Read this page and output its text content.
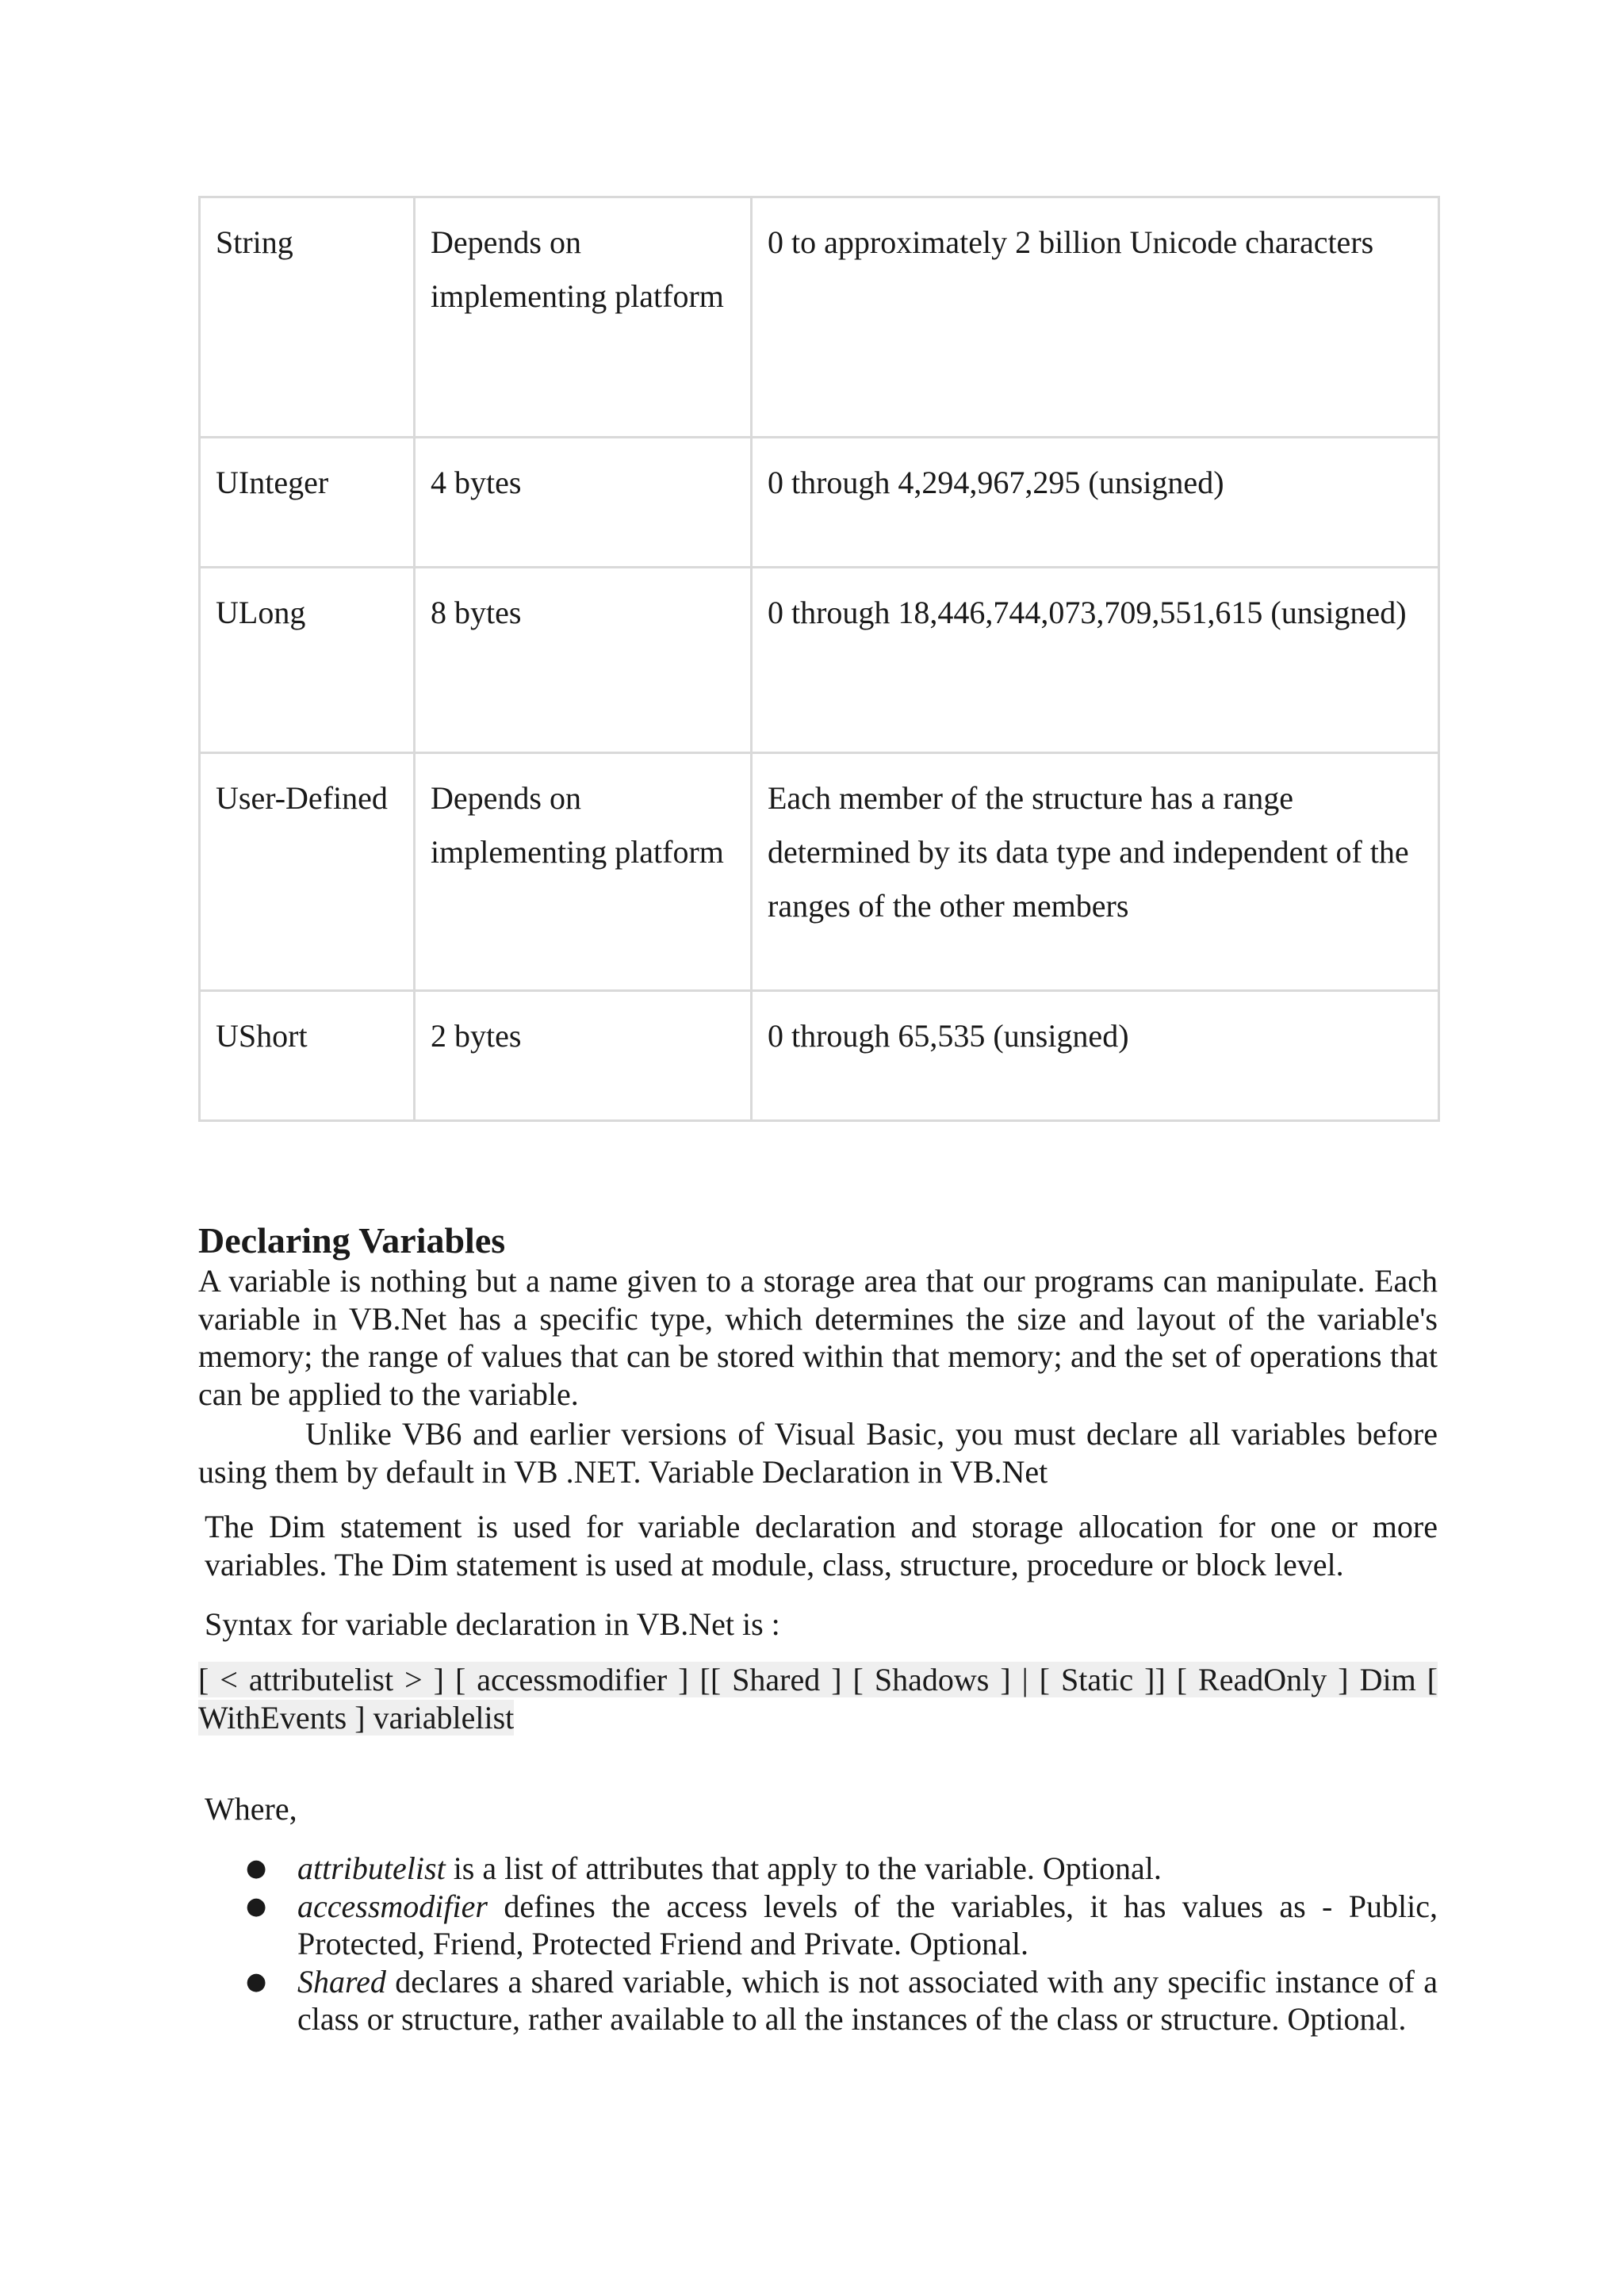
String	Depends on implementing platform	0 to approximately 2 billion Unicode characters
UInteger	4 bytes	0 through 4,294,967,295 (unsigned)
ULong	8 bytes	0 through 18,446,744,073,709,551,615 (unsigned)
User-Defined	Depends on implementing platform	Each member of the structure has a range determined by its data type and independent of the ranges of the other members
UShort	2 bytes	0 through 65,535 (unsigned)
Declaring Variables

A variable is nothing but a name given to a storage area that our programs can manipulate. Each variable in VB.Net has a specific type, which determines the size and layout of the variable's memory; the range of values that can be stored within that memory; and the set of operations that can be applied to the variable.

Unlike VB6 and earlier versions of Visual Basic, you must declare all variables before using them by default in VB .NET. Variable Declaration in VB.Net

The Dim statement is used for variable declaration and storage allocation for one or more variables. The Dim statement is used at module, class, structure, procedure or block level.

Syntax for variable declaration in VB.Net is :

[ < attributelist > ] [ accessmodifier ] [[ Shared ] [ Shadows ] | [ Static ]] [ ReadOnly ] Dim [ WithEvents ] variablelist

Where,

● attributelist is a list of attributes that apply to the variable. Optional.
● accessmodifier defines the access levels of the variables, it has values as - Public, Protected, Friend, Protected Friend and Private. Optional.
● Shared declares a shared variable, which is not associated with any specific instance of a class or structure, rather available to all the instances of the class or structure. Optional.
